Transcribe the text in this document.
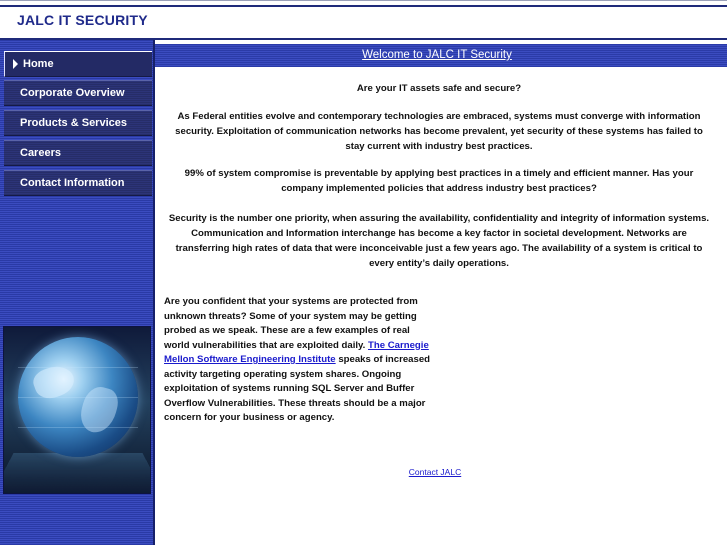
JALC IT SECURITY
Home
Corporate Overview
Products & Services
Careers
Contact Information
Welcome to JALC IT Security
Are your IT assets safe and secure?
As Federal entities evolve and contemporary technologies are embraced, systems must converge with information security. Exploitation of communication networks has become prevalent, yet security of these systems has failed to stay current with industry best practices.
99% of system compromise is preventable by applying best practices in a timely and efficient manner. Has your company implemented policies that address industry best practices?
Security is the number one priority, when assuring the availability, confidentiality and integrity of information systems. Communication and Information interchange has become a key factor in societal development. Networks are transferring high rates of data that were inconceivable just a few years ago. The availability of a system is critical to every entity’s daily operations.
Are you confident that your systems are protected from unknown threats? Some of your system may be getting probed as we speak. These are a few examples of real world vulnerabilities that are exploited daily. The Carnegie Mellon Software Engineering Institute speaks of increased activity targeting operating system shares. Ongoing exploitation of systems running SQL Server and Buffer Overflow Vulnerabilities. These threats should be a major concern for your business or agency.
Contact JALC
